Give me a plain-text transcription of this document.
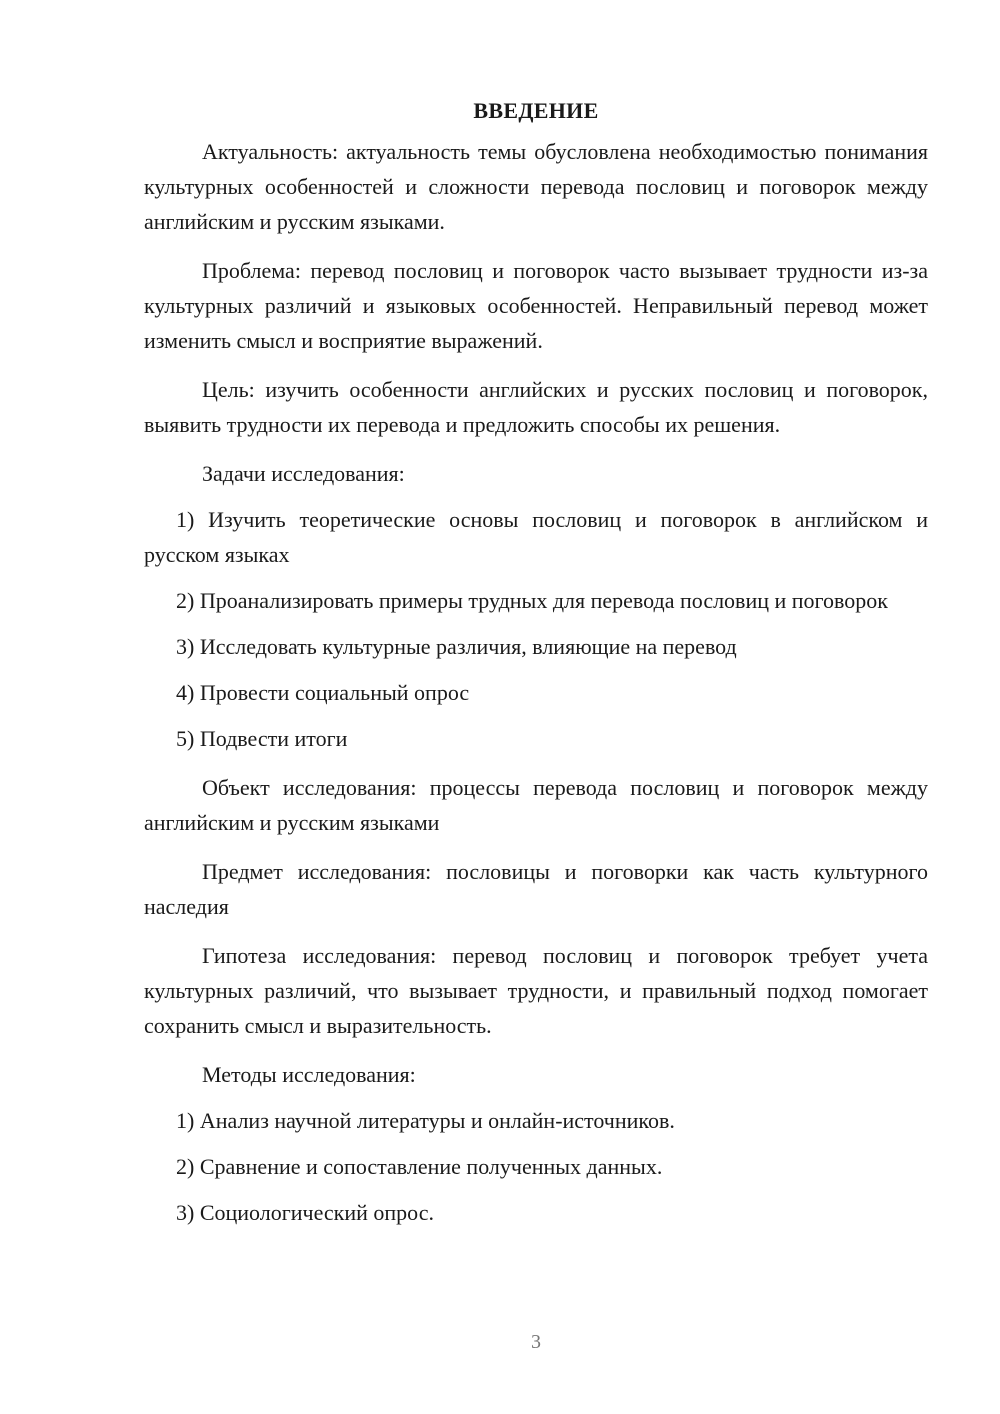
ВВЕДЕНИЕ

Актуальность: актуальность темы обусловлена необходимостью понимания культурных особенностей и сложности перевода пословиц и поговорок между английским и русским языками.

Проблема: перевод пословиц и поговорок часто вызывает трудности из-за культурных различий и языковых особенностей. Неправильный перевод может изменить смысл и восприятие выражений.

Цель: изучить особенности английских и русских пословиц и поговорок, выявить трудности их перевода и предложить способы их решения.

Задачи исследования:

1) Изучить теоретические основы пословиц и поговорок в английском и русском языках

2) Проанализировать примеры трудных для перевода пословиц и поговорок

3) Исследовать культурные различия, влияющие на перевод

4) Провести социальный опрос

5) Подвести итоги

Объект исследования: процессы перевода пословиц и поговорок между английским и русским языками

Предмет исследования: пословицы и поговорки как часть культурного наследия

Гипотеза исследования: перевод пословиц и поговорок требует учета культурных различий, что вызывает трудности, и правильный подход помогает сохранить смысл и выразительность.

Методы исследования:

1) Анализ научной литературы и онлайн-источников.

2) Сравнение и сопоставление полученных данных.

3) Социологический опрос.

3
